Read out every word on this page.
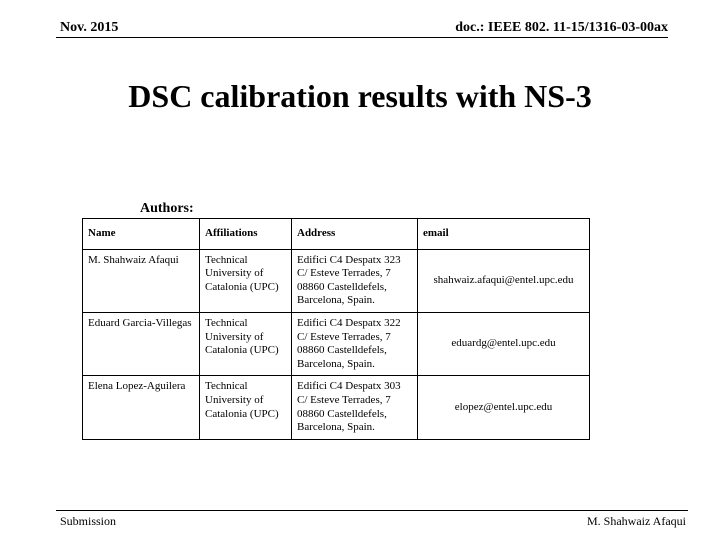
Nov. 2015	doc.: IEEE 802. 11-15/1316-03-00ax
DSC calibration results with NS-3
Authors:
Name	Affiliations	Address	email
M. Shahwaiz Afaqui	Technical University of Catalonia (UPC)	Edifici C4 Despatx 323 C/ Esteve Terrades, 7 08860 Castelldefels, Barcelona, Spain.	shahwaiz.afaqui@entel.upc.edu
Eduard Garcia-Villegas	Technical University of Catalonia (UPC)	Edifici C4 Despatx 322 C/ Esteve Terrades, 7 08860 Castelldefels, Barcelona, Spain.	eduardg@entel.upc.edu
Elena Lopez-Aguilera	Technical University of Catalonia (UPC)	Edifici C4 Despatx 303 C/ Esteve Terrades, 7 08860 Castelldefels, Barcelona, Spain.	elopez@entel.upc.edu
Submission	M. Shahwaiz Afaqui
